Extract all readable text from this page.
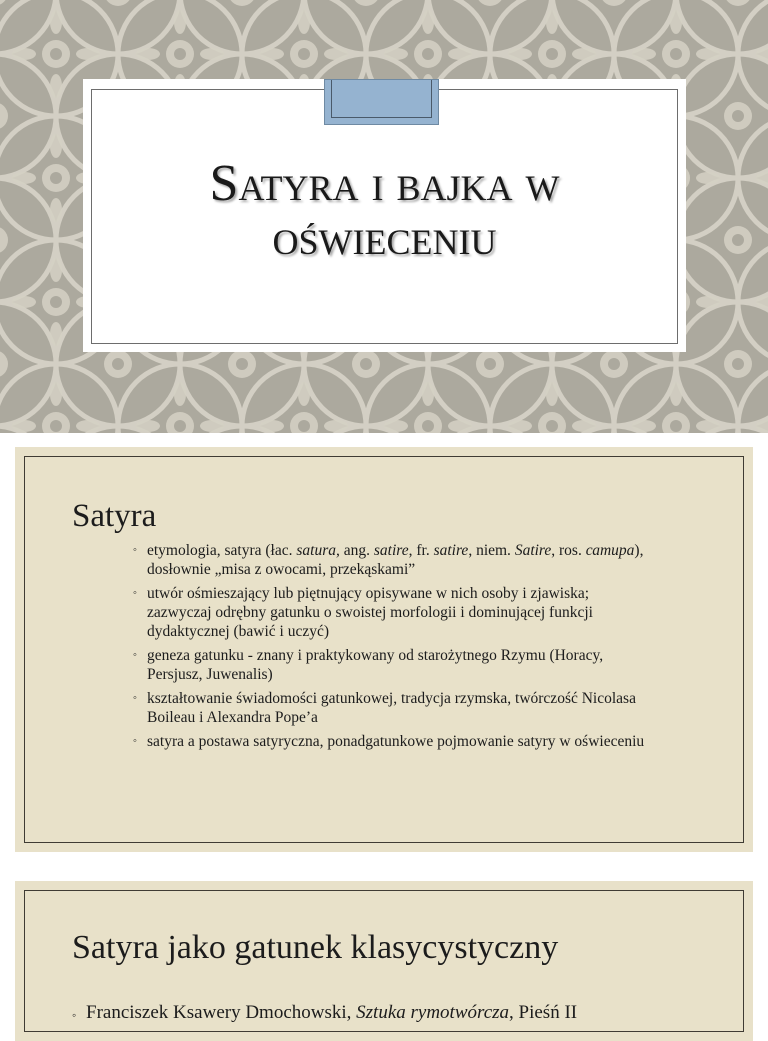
Satyra i bajka w
oświeceniu
Satyra
◦ etymologia, satyra (łac. satura, ang. satire, fr. satire, niem. Satire, ros. сатира), dosłownie „misa z owocami, przekąskami”
◦ utwór ośmieszający lub piętnujący opisywane w nich osoby i zjawiska; zazwyczaj odrębny gatunku o swoistej morfologii i dominującej funkcji dydaktycznej (bawić i uczyć)
◦ geneza gatunku - znany i praktykowany od starożytnego Rzymu (Horacy, Persjusz, Juwenalis)
◦ kształtowanie świadomości gatunkowej, tradycja rzymska, twórczość Nicolasa Boileau i Alexandra Pope’a
◦ satyra a postawa satyryczna, ponadgatunkowe pojmowanie satyry w oświeceniu
Satyra jako gatunek klasycystyczny
◦ Franciszek Ksawery Dmochowski, Sztuka rymotwórcza, Pieśń II
